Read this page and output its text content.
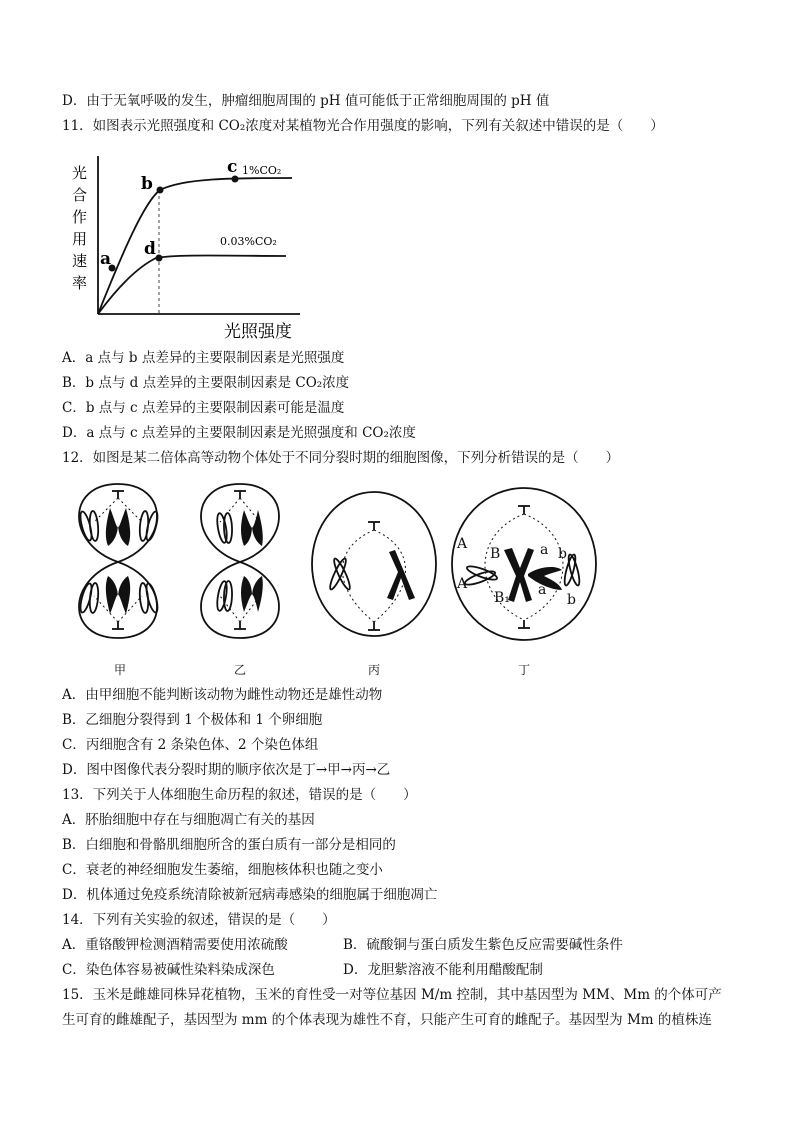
D．由于无氧呼吸的发生，肿瘤细胞周围的 pH 值可能低于正常细胞周围的 pH 值
11．如图表示光照强度和 CO₂浓度对某植物光合作用强度的影响，下列有关叙述中错误的是（　　）
光
合
作
用
速
率
a
b
c
d
1%CO₂
0.03%CO₂
光照强度
A．a 点与 b 点差异的主要限制因素是光照强度
B．b 点与 d 点差异的主要限制因素是 CO₂浓度
C．b 点与 c 点差异的主要限制因素可能是温度
D．a 点与 c 点差异的主要限制因素是光照强度和 CO₂浓度
12．如图是某二倍体高等动物个体处于不同分裂时期的细胞图像，下列分析错误的是（　　）
A
A
B
B₁
a
a
b
b
甲	乙	丙	丁
A．由甲细胞不能判断该动物为雌性动物还是雄性动物
B．乙细胞分裂得到 1 个极体和 1 个卵细胞
C．丙细胞含有 2 条染色体、2 个染色体组
D．图中图像代表分裂时期的顺序依次是丁→甲→丙→乙
13．下列关于人体细胞生命历程的叙述，错误的是（　　）
A．肧胎细胞中存在与细胞凋亡有关的基因
B．白细胞和骨骼肌细胞所含的蛋白质有一部分是相同的
C．衰老的神经细胞发生萎缩，细胞核体积也随之变小
D．机体通过免疫系统清除被新冠病毒感染的细胞属于细胞凋亡
14．下列有关实验的叙述，错误的是（　　）
A．重铬酸钾检测酒精需要使用浓硫酸	B．硫酸铜与蛋白质发生紫色反应需要碱性条件
C．染色体容易被碱性染料染成深色	D．龙胆紫溶液不能利用醋酸配制
15．玉米是雌雄同株异花植物，玉米的育性受一对等位基因 M/m 控制，其中基因型为 MM、Mm 的个体可产
生可育的雌雄配子，基因型为 mm 的个体表现为雄性不育，只能产生可育的雌配子。基因型为 Mm 的植株连
